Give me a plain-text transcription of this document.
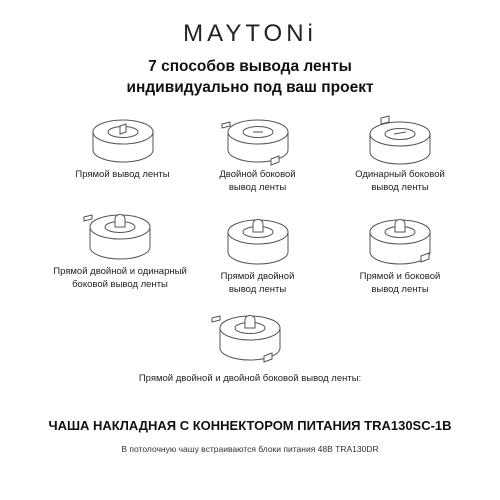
MAYTONi
7 способов вывода ленты
индивидуально под ваш проект
Прямой вывод ленты	Двойной боковой
вывод ленты
Одинарный боковой
вывод ленты
Прямой двойной и одинарный
боковой вывод ленты
Прямой двойной
вывод ленты
Прямой и боковой
вывод ленты
Прямой двойной и двойной боковой вывод ленты:
ЧАША НАКЛАДНАЯ С КОННЕКТОРОМ ПИТАНИЯ TRA130SC-1B
В потолочную чашу встраиваются блоки питания 48В TRA130DR
